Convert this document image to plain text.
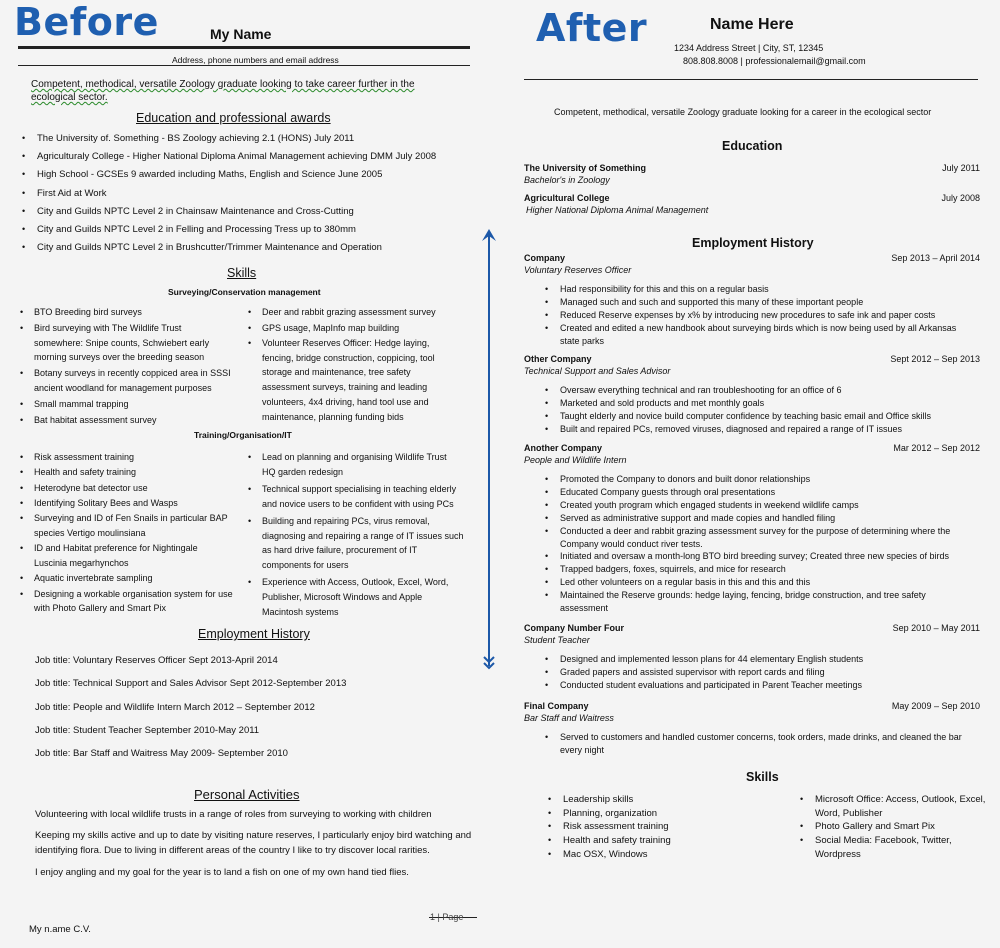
Before	After
My Name
Address, phone numbers and email address
Competent, methodical, versatile Zoology graduate looking to take career further in the
ecological sector.
Education and professional awards
• The University of. Something - BS Zoology achieving 2.1 (HONS) July 2011
• Agriculturaly College - Higher National Diploma Animal Management achieving DMM July 2008
• High School - GCSEs 9 awarded including Maths, English and Science June 2005
• First Aid at Work
• City and Guilds NPTC Level 2 in Chainsaw Maintenance and Cross-Cutting
• City and Guilds NPTC Level 2 in Felling and Processing Tress up to 380mm
• City and Guilds NPTC Level 2 in Brushcutter/Trimmer Maintenance and Operation
Skills
Surveying/Conservation management
• BTO Breeding bird surveys
• Bird surveying with The Wildlife Trust
somewhere: Snipe counts, Schwiebert early
morning surveys over the breeding season
• Botany surveys in recently coppiced area in SSSI
ancient woodland for management purposes
• Small mammal trapping
• Bat habitat assessment survey
• Deer and rabbit grazing assessment survey
• GPS usage, MapInfo map building
• Volunteer Reserves Officer: Hedge laying,
fencing, bridge construction, coppicing, tool
storage and maintenance, tree safety
assessment surveys, training and leading
volunteers, 4x4 driving, hand tool use and
maintenance, planning funding bids
Training/Organisation/IT
• Risk assessment training
• Health and safety training
• Heterodyne bat detector use
• Identifying Solitary Bees and Wasps
• Surveying and ID of Fen Snails in particular BAP
species Vertigo moulinsiana
• ID and Habitat preference for Nightingale
Luscinia megarhynchos
• Aquatic invertebrate sampling
• Designing a workable organisation system for use
with Photo Gallery and Smart Pix
• Lead on planning and organising Wildlife Trust
HQ garden redesign
• Technical support specialising in teaching elderly
and novice users to be confident with using PCs
• Building and repairing PCs, virus removal,
diagnosing and repairing a range of IT issues such
as hard drive failure, procurement of IT
components for users
• Experience with Access, Outlook, Excel, Word,
Publisher, Microsoft Windows and Apple
Macintosh systems
Employment History
Job title: Voluntary Reserves Officer Sept 2013-April 2014
Job title: Technical Support and Sales Advisor Sept 2012-September 2013
Job title: People and Wildlife Intern March 2012 – September 2012
Job title: Student Teacher September 2010-May 2011
Job title: Bar Staff and Waitress May 2009- September 2010
Personal Activities
Volunteering with local wildlife trusts in a range of roles from surveying to working with children
Keeping my skills active and up to date by visiting nature reserves, I particularly enjoy bird watching and
identifying flora. Due to living in different areas of the country I like to try discover local rarities.
I enjoy angling and my goal for the year is to land a fish on one of my own hand tied flies.
1 | Page
My n.ame C.V.
Name Here
1234 Address Street | City, ST, 12345
808.808.8008 | professionalemail@gmail.com
Competent, methodical, versatile Zoology graduate looking for a career in the ecological sector
Education
The University of Something
Bachelor's in Zoology
July 2011
Agricultural College
Higher National Diploma Animal Management
July 2008
Employment History
Company
Voluntary Reserves Officer
Sep 2013 – April 2014
• Had responsibility for this and this on a regular basis
• Managed such and such and supported this many of these important people
• Reduced Reserve expenses by x% by introducing new procedures to safe ink and paper costs
• Created and edited a new handbook about surveying birds which is now being used by all Arkansas
state parks
Other Company
Technical Support and Sales Advisor
Sept 2012 – Sep 2013
• Oversaw everything technical and ran troubleshooting for an office of 6
• Marketed and sold products and met monthly goals
• Taught elderly and novice build computer confidence by teaching basic email and Office skills
• Built and repaired PCs, removed viruses, diagnosed and repaired a range of IT issues
Another Company
People and Wildlife Intern
Mar 2012 – Sep 2012
• Promoted the Company to donors and built donor relationships
• Educated Company guests through oral presentations
• Created youth program which engaged students in weekend wildlife camps
• Served as administrative support and made copies and handled filing
• Conducted a deer and rabbit grazing assessment survey for the purpose of determining where the
Company would conduct river tests.
• Initiated and oversaw a month-long BTO bird breeding survey; Created three new species of birds
• Trapped badgers, foxes, squirrels, and mice for research
• Led other volunteers on a regular basis in this and this and this
• Maintained the Reserve grounds: hedge laying, fencing, bridge construction, and tree safety
assessment
Company Number Four
Student Teacher
Sep 2010 – May 2011
• Designed and implemented lesson plans for 44 elementary English students
• Graded papers and assisted supervisor with report cards and filing
• Conducted student evaluations and participated in Parent Teacher meetings
Final Company
Bar Staff and Waitress
May 2009 – Sep 2010
• Served to customers and handled customer concerns, took orders, made drinks, and cleaned the bar
every night
Skills
• Leadership skills
• Planning, organization
• Risk assessment training
• Health and safety training
• Mac OSX, Windows
• Microsoft Office: Access, Outlook, Excel,
Word, Publisher
• Photo Gallery and Smart Pix
• Social Media: Facebook, Twitter,
Wordpress
